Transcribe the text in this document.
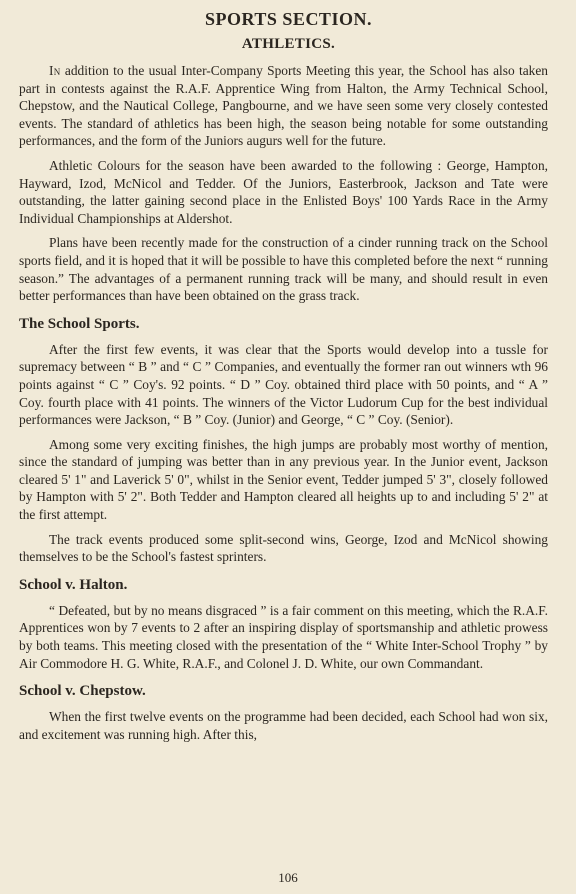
SPORTS SECTION.
ATHLETICS.

In addition to the usual Inter-Company Sports Meeting this year, the School has also taken part in contests against the R.A.F. Apprentice Wing from Halton, the Army Technical School, Chepstow, and the Nautical College, Pangbourne, and we have seen some very closely contested events. The standard of athletics has been high, the season being notable for some outstanding performances, and the form of the Juniors augurs well for the future.

Athletic Colours for the season have been awarded to the following : George, Hampton, Hayward, Izod, McNicol and Tedder. Of the Juniors, Easterbrook, Jackson and Tate were outstanding, the latter gaining second place in the Enlisted Boys' 100 Yards Race in the Army Individual Championships at Aldershot.

Plans have been recently made for the construction of a cinder running track on the School sports field, and it is hoped that it will be possible to have this completed before the next “ running season.” The advantages of a permanent running track will be many, and should result in even better performances than have been obtained on the grass track.

The School Sports.

After the first few events, it was clear that the Sports would develop into a tussle for supremacy between “ B ” and “ C ” Companies, and eventually the former ran out winners wth 96 points against “ C ” Coy's. 92 points. “ D ” Coy. obtained third place with 50 points, and “ A ” Coy. fourth place with 41 points. The winners of the Victor Ludorum Cup for the best individual performances were Jackson, “ B ” Coy. (Junior) and George, “ C ” Coy. (Senior).

Among some very exciting finishes, the high jumps are probably most worthy of mention, since the standard of jumping was better than in any previous year. In the Junior event, Jackson cleared 5' 1" and Laverick 5' 0", whilst in the Senior event, Tedder jumped 5' 3", closely followed by Hampton with 5' 2". Both Tedder and Hampton cleared all heights up to and including 5' 2" at the first attempt.

The track events produced some split-second wins, George, Izod and McNicol showing themselves to be the School's fastest sprinters.

School v. Halton.

“ Defeated, but by no means disgraced ” is a fair comment on this meeting, which the R.A.F. Apprentices won by 7 events to 2 after an inspiring display of sportsmanship and athletic prowess by both teams. This meeting closed with the presentation of the “ White Inter-School Trophy ” by Air Commodore H. G. White, R.A.F., and Colonel J. D. White, our own Commandant.

School v. Chepstow.

When the first twelve events on the programme had been decided, each School had won six, and excitement was running high. After this,

106
